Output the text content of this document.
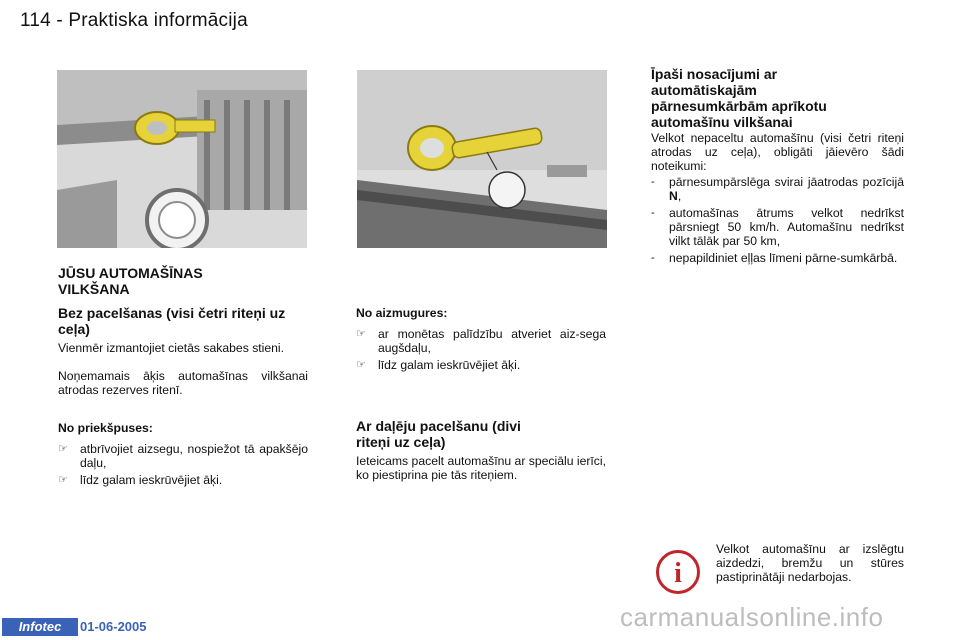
114 - Praktiska informācija
JŪSU AUTOMAŠĪNAS VILKŠANA
Bez pacelšanas (visi četri riteņi uz ceļa)
Vienmēr izmantojiet cietās sakabes stieni.
Noņemamais āķis automašīnas vilkšanai atrodas rezerves ritenī.
No priekšpuses:
☞ atbrīvojiet aizsegu, nospiežot tā apakšējo daļu,
☞ līdz galam ieskrūvējiet āķi.
No aizmugures:
☞ ar monētas palīdzību atveriet aiz-sega augšdaļu,
☞ līdz galam ieskrūvējiet āķi.
Ar daļēju pacelšanu (divi riteņi uz ceļa)
Ieteicams pacelt automašīnu ar speciālu ierīci, ko piestiprina pie tās riteņiem.
Īpaši nosacījumi ar automātiskajām pārnesumkārbām aprīkotu automašīnu vilkšanai
Velkot nepaceltu automašīnu (visi četri riteņi atrodas uz ceļa), obligāti jāievēro šādi noteikumi:
- pārnesumpārslēga svirai jāatrodas pozīcijā N,
- automašīnas ātrums velkot nedrīkst pārsniegt 50 km/h. Automašīnu nedrīkst vilkt tālāk par 50 km,
- nepapildiniet eļļas līmeni pārne-sumkārbā.
i
Velkot automašīnu ar izslēgtu aizdedzi, bremžu un stūres pastiprinātāji nedarbojas.
Infotec	01-06-2005	carmanualsonline.info
